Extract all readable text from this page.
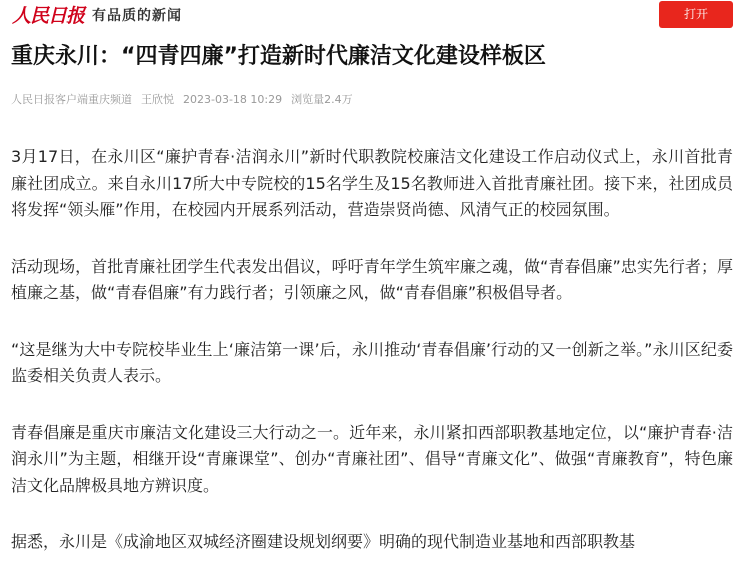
人民日报 有品质的新闻	打开
重庆永川：“四青四廉”打造新时代廉洁文化建设样板区
人民日报客户端重庆频道 王欣悦 2023-03-18 10:29 浏览量2.4万

3月17日，在永川区“廉护青春·洁润永川”新时代职教院校廉洁文化建设工作启动仪式上，永川首批青廉社团成立。来自永川17所大中专院校的15名学生及15名教师进入首批青廉社团。接下来，社团成员将发挥“领头雁”作用，在校园内开展系列活动，营造崇贤尚德、风清气正的校园氛围。

活动现场，首批青廉社团学生代表发出倡议，呼吁青年学生筑牢廉之魂，做“青春倡廉”忠实先行者；厚植廉之基，做“青春倡廉”有力践行者；引领廉之风，做“青春倡廉”积极倡导者。

“这是继为大中专院校毕业生上‘廉洁第一课’后，永川推动‘青春倡廉’行动的又一创新之举。”永川区纪委监委相关负责人表示。

青春倡廉是重庆市廉洁文化建设三大行动之一。近年来，永川紧扣西部职教基地定位，以“廉护青春·洁润永川”为主题，相继开设“青廉课堂”、创办“青廉社团”、倡导“青廉文化”、做强“青廉教育”，特色廉洁文化品牌极具地方辨识度。

据悉，永川是《成渝地区双城经济圈建设规划纲要》明确的现代制造业基地和西部职教基
